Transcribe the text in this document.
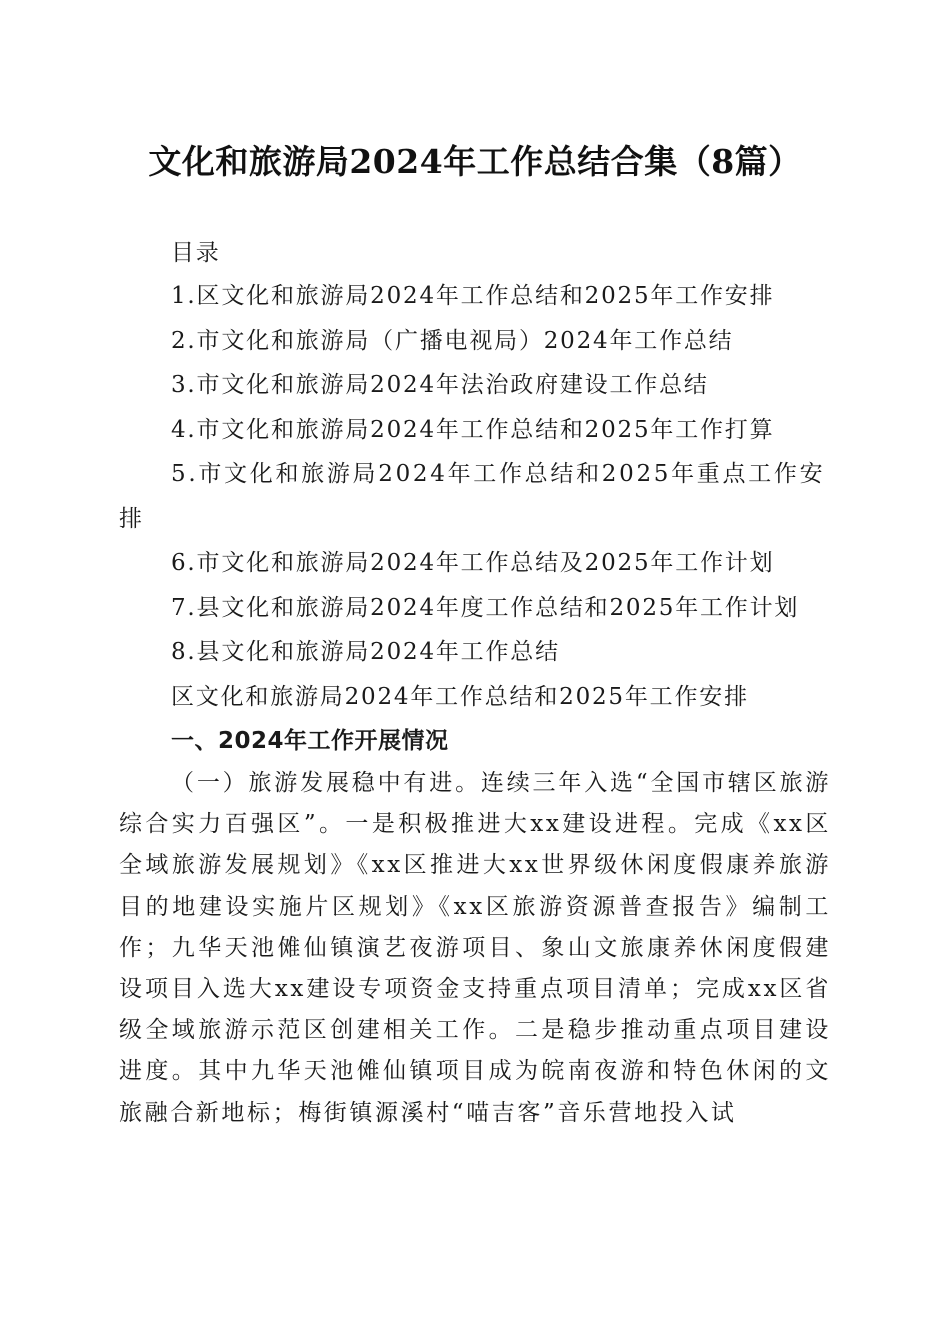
文化和旅游局2024年工作总结合集（8篇）
目录
1.区文化和旅游局2024年工作总结和2025年工作安排
2.市文化和旅游局（广播电视局）2024年工作总结
3.市文化和旅游局2024年法治政府建设工作总结
4.市文化和旅游局2024年工作总结和2025年工作打算
5.市文化和旅游局2024年工作总结和2025年重点工作安排
6.市文化和旅游局2024年工作总结及2025年工作计划
7.县文化和旅游局2024年度工作总结和2025年工作计划
8.县文化和旅游局2024年工作总结
区文化和旅游局2024年工作总结和2025年工作安排
一、2024年工作开展情况
（一）旅游发展稳中有进。连续三年入选“全国市辖区旅游综合实力百强区”。一是积极推进大xx建设进程。完成《xx区全域旅游发展规划》《xx区推进大xx世界级休闲度假康养旅游目的地建设实施片区规划》《xx区旅游资源普查报告》编制工作；九华天池傩仙镇演艺夜游项目、象山文旅康养休闲度假建设项目入选大xx建设专项资金支持重点项目清单；完成xx区省级全域旅游示范区创建相关工作。二是稳步推动重点项目建设进度。其中九华天池傩仙镇项目成为皖南夜游和特色休闲的文旅融合新地标；梅街镇源溪村“喵吉客”音乐营地投入试
